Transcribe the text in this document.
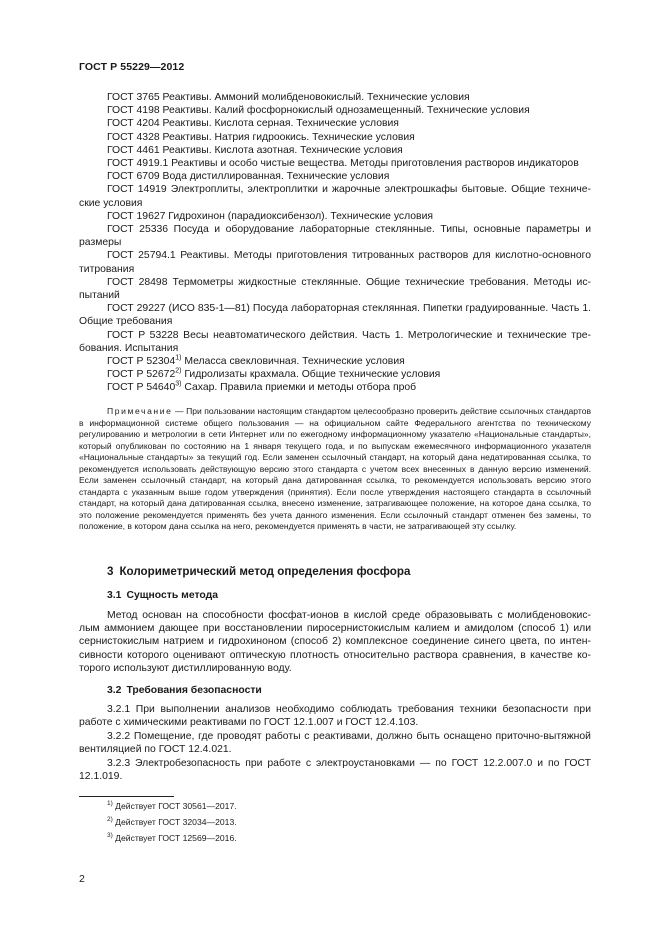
ГОСТ Р 55229—2012
ГОСТ 3765 Реактивы. Аммоний молибденовокислый. Технические условия
ГОСТ 4198 Реактивы. Калий фосфорнокислый однозамещенный. Технические условия
ГОСТ 4204 Реактивы. Кислота серная. Технические условия
ГОСТ 4328 Реактивы. Натрия гидроокись. Технические условия
ГОСТ 4461 Реактивы. Кислота азотная. Технические условия
ГОСТ 4919.1 Реактивы и особо чистые вещества. Методы приготовления растворов индикаторов
ГОСТ 6709 Вода дистиллированная. Технические условия
ГОСТ 14919 Электроплиты, электроплитки и жарочные электрошкафы бытовые. Общие техниче-ские условия
ГОСТ 19627 Гидрохинон (парадиоксибензол). Технические условия
ГОСТ 25336 Посуда и оборудование лабораторные стеклянные. Типы, основные параметры и размеры
ГОСТ 25794.1 Реактивы. Методы приготовления титрованных растворов для кислотно-основного титрования
ГОСТ 28498 Термометры жидкостные стеклянные. Общие технические требования. Методы ис-пытаний
ГОСТ 29227 (ИСО 835-1—81) Посуда лабораторная стеклянная. Пипетки градуированные. Часть 1. Общие требования
ГОСТ Р 53228 Весы неавтоматического действия. Часть 1. Метрологические и технические тре-бования. Испытания
ГОСТ Р 52304$^{1)}$ Меласса свекловичная. Технические условия
ГОСТ Р 52672$^{2)}$ Гидролизаты крахмала. Общие технические условия
ГОСТ Р 54640$^{3)}$ Сахар. Правила приемки и методы отбора проб
Примечание — При пользовании настоящим стандартом целесообразно проверить действие ссылочных стандартов в информационной системе общего пользования — на официальном сайте Федерального агентства по техническому регулированию и метрологии в сети Интернет или по ежегодному информационному указателю «Национальные стандарты», который опубликован по состоянию на 1 января текущего года, и по выпускам ежемесячного информационного указателя «Национальные стандарты» за текущий год. Если заменен ссылочный стандарт, на который дана недатированная ссылка, то рекомендуется использовать действующую версию этого стандарта с учетом всех внесенных в данную версию изменений. Если заменен ссылочный стандарт, на который дана датированная ссылка, то рекомендуется использовать версию этого стандарта с указанным выше годом утверждения (принятия). Если после утверждения настоящего стандарта в ссылочный стандарт, на который дана датированная ссылка, внесено изменение, затрагивающее положение, на которое дана ссылка, то это положение рекомендуется применять без учета данного изменения. Если ссылочный стандарт отменен без замены, то положение, в котором дана ссылка на него, рекомендуется применять в части, не затрагивающей эту ссылку.
3 Колориметрический метод определения фосфора
3.1 Сущность метода
Метод основан на способности фосфат-ионов в кислой среде образовывать с молибденовокис-лым аммонием дающее при восстановлении пиросернистокислым калием и амидолом (способ 1) или сернистокислым натрием и гидрохиноном (способ 2) комплексное соединение синего цвета, по интен-сивности которого оценивают оптическую плотность относительно раствора сравнения, в качестве ко-торого используют дистиллированную воду.
3.2 Требования безопасности
3.2.1 При выполнении анализов необходимо соблюдать требования техники безопасности при работе с химическими реактивами по ГОСТ 12.1.007 и ГОСТ 12.4.103.
3.2.2 Помещение, где проводят работы с реактивами, должно быть оснащено приточно-вытяжной вентиляцией по ГОСТ 12.4.021.
3.2.3 Электробезопасность при работе с электроустановками — по ГОСТ 12.2.007.0 и по ГОСТ 12.1.019.
$^{1)}$ Действует ГОСТ 30561—2017.
$^{2)}$ Действует ГОСТ 32034—2013.
$^{3)}$ Действует ГОСТ 12569—2016.
2
